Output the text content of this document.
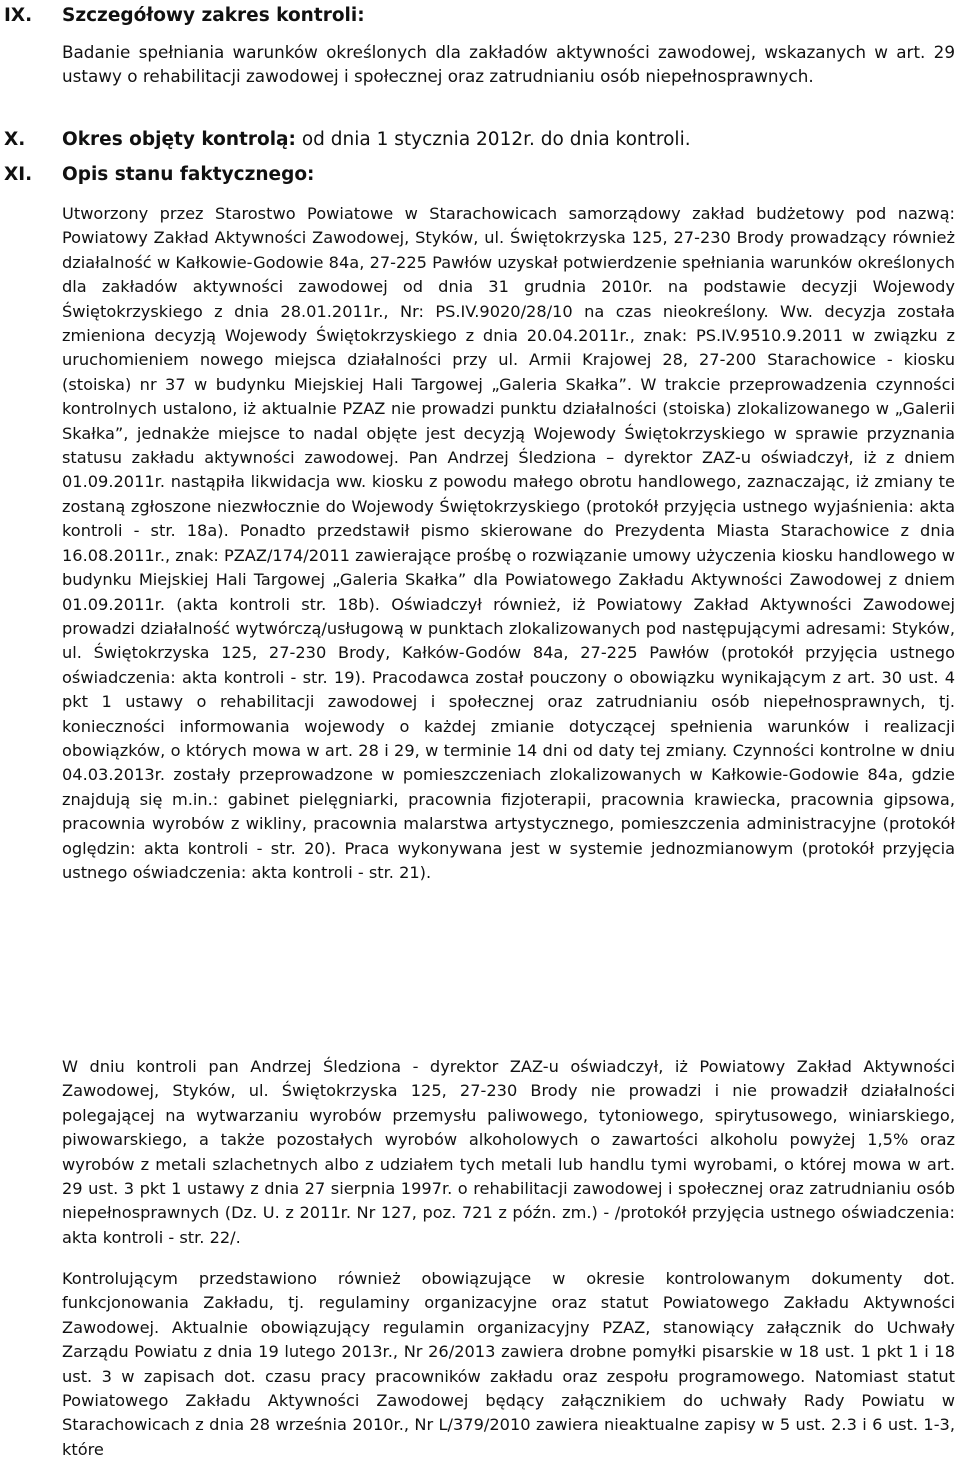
IX. Szczegółowy zakres kontroli:
Badanie spełniania warunków określonych dla zakładów aktywności zawodowej, wskazanych w art. 29 ustawy o rehabilitacji zawodowej i społecznej oraz zatrudnianiu osób niepełnosprawnych.
X. Okres objęty kontrolą: od dnia 1 stycznia 2012r. do dnia kontroli.
XI. Opis stanu faktycznego:
Utworzony przez Starostwo Powiatowe w Starachowicach samorządowy zakład budżetowy pod nazwą: Powiatowy Zakład Aktywności Zawodowej, Styków, ul. Świętokrzyska 125, 27-230 Brody prowadzący również działalność w Kałkowie-Godowie 84a, 27-225 Pawłów uzyskał potwierdzenie spełniania warunków określonych dla zakładów aktywności zawodowej od dnia 31 grudnia 2010r. na podstawie decyzji Wojewody Świętokrzyskiego z dnia 28.01.2011r., Nr: PS.IV.9020/28/10 na czas nieokreślony. Ww. decyzja została zmieniona decyzją Wojewody Świętokrzyskiego z dnia 20.04.2011r., znak: PS.IV.9510.9.2011 w związku z uruchomieniem nowego miejsca działalności przy ul. Armii Krajowej 28, 27-200 Starachowice - kiosku (stoiska) nr 37 w budynku Miejskiej Hali Targowej „Galeria Skałka”. W trakcie przeprowadzenia czynności kontrolnych ustalono, iż aktualnie PZAZ nie prowadzi punktu działalności (stoiska) zlokalizowanego w „Galerii Skałka”, jednakże miejsce to nadal objęte jest decyzją Wojewody Świętokrzyskiego w sprawie przyznania statusu zakładu aktywności zawodowej. Pan Andrzej Śledziona – dyrektor ZAZ-u oświadczył, iż z dniem 01.09.2011r. nastąpiła likwidacja ww. kiosku z powodu małego obrotu handlowego, zaznaczając, iż zmiany te zostaną zgłoszone niezwłocznie do Wojewody Świętokrzyskiego (protokół przyjęcia ustnego wyjaśnienia: akta kontroli - str. 18a). Ponadto przedstawił pismo skierowane do Prezydenta Miasta Starachowice z dnia 16.08.2011r., znak: PZAZ/174/2011 zawierające prośbę o rozwiązanie umowy użyczenia kiosku handlowego w budynku Miejskiej Hali Targowej „Galeria Skałka” dla Powiatowego Zakładu Aktywności Zawodowej z dniem 01.09.2011r. (akta kontroli str. 18b). Oświadczył również, iż Powiatowy Zakład Aktywności Zawodowej prowadzi działalność wytwórczą/usługową w punktach zlokalizowanych pod następującymi adresami: Styków, ul. Świętokrzyska 125, 27-230 Brody, Kałków-Godów 84a, 27-225 Pawłów (protokół przyjęcia ustnego oświadczenia: akta kontroli - str. 19). Pracodawca został pouczony o obowiązku wynikającym z art. 30 ust. 4 pkt 1 ustawy o rehabilitacji zawodowej i społecznej oraz zatrudnianiu osób niepełnosprawnych, tj. konieczności informowania wojewody o każdej zmianie dotyczącej spełnienia warunków i realizacji obowiązków, o których mowa w art. 28 i 29, w terminie 14 dni od daty tej zmiany. Czynności kontrolne w dniu 04.03.2013r. zostały przeprowadzone w pomieszczeniach zlokalizowanych w Kałkowie-Godowie 84a, gdzie znajdują się m.in.: gabinet pielęgniarki, pracownia fizjoterapii, pracownia krawiecka, pracownia gipsowa, pracownia wyrobów z wikliny, pracownia malarstwa artystycznego, pomieszczenia administracyjne (protokół oględzin: akta kontroli - str. 20). Praca wykonywana jest w systemie jednozmianowym (protokół przyjęcia ustnego oświadczenia: akta kontroli - str. 21).
W dniu kontroli pan Andrzej Śledziona - dyrektor ZAZ-u oświadczył, iż Powiatowy Zakład Aktywności Zawodowej, Styków, ul. Świętokrzyska 125, 27-230 Brody nie prowadzi i nie prowadził działalności polegającej na wytwarzaniu wyrobów przemysłu paliwowego, tytoniowego, spirytusowego, winiarskiego, piwowarskiego, a także pozostałych wyrobów alkoholowych o zawartości alkoholu powyżej 1,5% oraz wyrobów z metali szlachetnych albo z udziałem tych metali lub handlu tymi wyrobami, o której mowa w art. 29 ust. 3 pkt 1 ustawy z dnia 27 sierpnia 1997r. o rehabilitacji zawodowej i społecznej oraz zatrudnianiu osób niepełnosprawnych (Dz. U. z 2011r. Nr 127, poz. 721 z późn. zm.) - /protokół przyjęcia ustnego oświadczenia: akta kontroli - str. 22/.
Kontrolującym przedstawiono również obowiązujące w okresie kontrolowanym dokumenty dot. funkcjonowania Zakładu, tj. regulaminy organizacyjne oraz statut Powiatowego Zakładu Aktywności Zawodowej. Aktualnie obowiązujący regulamin organizacyjny PZAZ, stanowiący załącznik do Uchwały Zarządu Powiatu z dnia 19 lutego 2013r., Nr 26/2013 zawiera drobne pomyłki pisarskie w 18 ust. 1 pkt 1 i 18 ust. 3 w zapisach dot. czasu pracy pracowników zakładu oraz zespołu programowego. Natomiast statut Powiatowego Zakładu Aktywności Zawodowej będący załącznikiem do uchwały Rady Powiatu w Starachowicach z dnia 28 września 2010r., Nr L/379/2010 zawiera nieaktualne zapisy w 5 ust. 2.3 i 6 ust. 1-3, które
